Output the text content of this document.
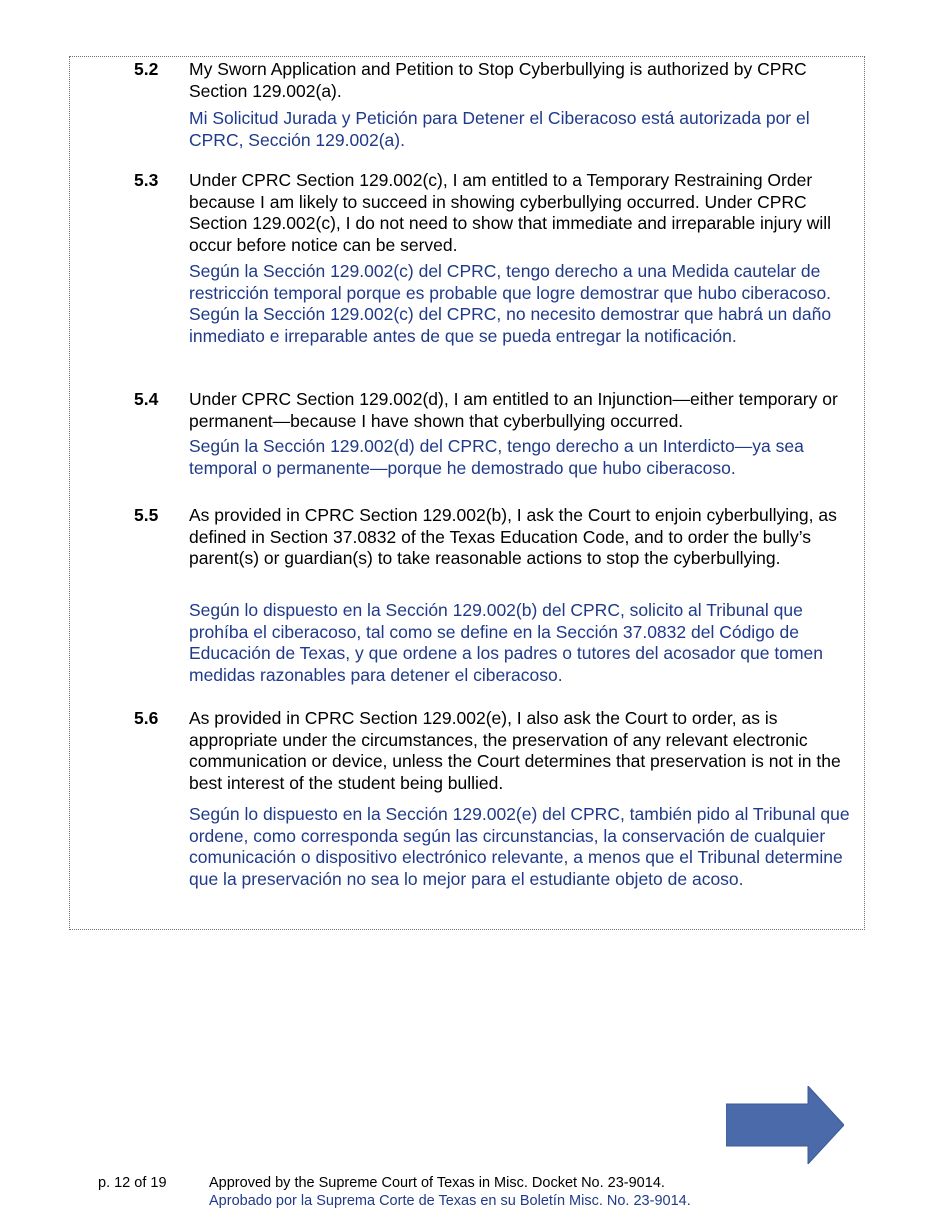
5.2 My Sworn Application and Petition to Stop Cyberbullying is authorized by CPRC Section 129.002(a).
Mi Solicitud Jurada y Petición para Detener el Ciberacoso está autorizada por el CPRC, Sección 129.002(a).
5.3 Under CPRC Section 129.002(c), I am entitled to a Temporary Restraining Order because I am likely to succeed in showing cyberbullying occurred. Under CPRC Section 129.002(c), I do not need to show that immediate and irreparable injury will occur before notice can be served.
Según la Sección 129.002(c) del CPRC, tengo derecho a una Medida cautelar de restricción temporal porque es probable que logre demostrar que hubo ciberacoso. Según la Sección 129.002(c) del CPRC, no necesito demostrar que habrá un daño inmediato e irreparable antes de que se pueda entregar la notificación.
5.4 Under CPRC Section 129.002(d), I am entitled to an Injunction—either temporary or permanent—because I have shown that cyberbullying occurred.
Según la Sección 129.002(d) del CPRC, tengo derecho a un Interdicto—ya sea temporal o permanente—porque he demostrado que hubo ciberacoso.
5.5 As provided in CPRC Section 129.002(b), I ask the Court to enjoin cyberbullying, as defined in Section 37.0832 of the Texas Education Code, and to order the bully’s parent(s) or guardian(s) to take reasonable actions to stop the cyberbullying.
Según lo dispuesto en la Sección 129.002(b) del CPRC, solicito al Tribunal que prohíba el ciberacoso, tal como se define en la Sección 37.0832 del Código de Educación de Texas, y que ordene a los padres o tutores del acosador que tomen medidas razonables para detener el ciberacoso.
5.6 As provided in CPRC Section 129.002(e), I also ask the Court to order, as is appropriate under the circumstances, the preservation of any relevant electronic communication or device, unless the Court determines that preservation is not in the best interest of the student being bullied.
Según lo dispuesto en la Sección 129.002(e) del CPRC, también pido al Tribunal que ordene, como corresponda según las circunstancias, la conservación de cualquier comunicación o dispositivo electrónico relevante, a menos que el Tribunal determine que la preservación no sea lo mejor para el estudiante objeto de acoso.
p. 12 of 19	Approved by the Supreme Court of Texas in Misc. Docket No. 23-9014.
Aprobado por la Suprema Corte de Texas en su Boletín Misc. No. 23-9014.
